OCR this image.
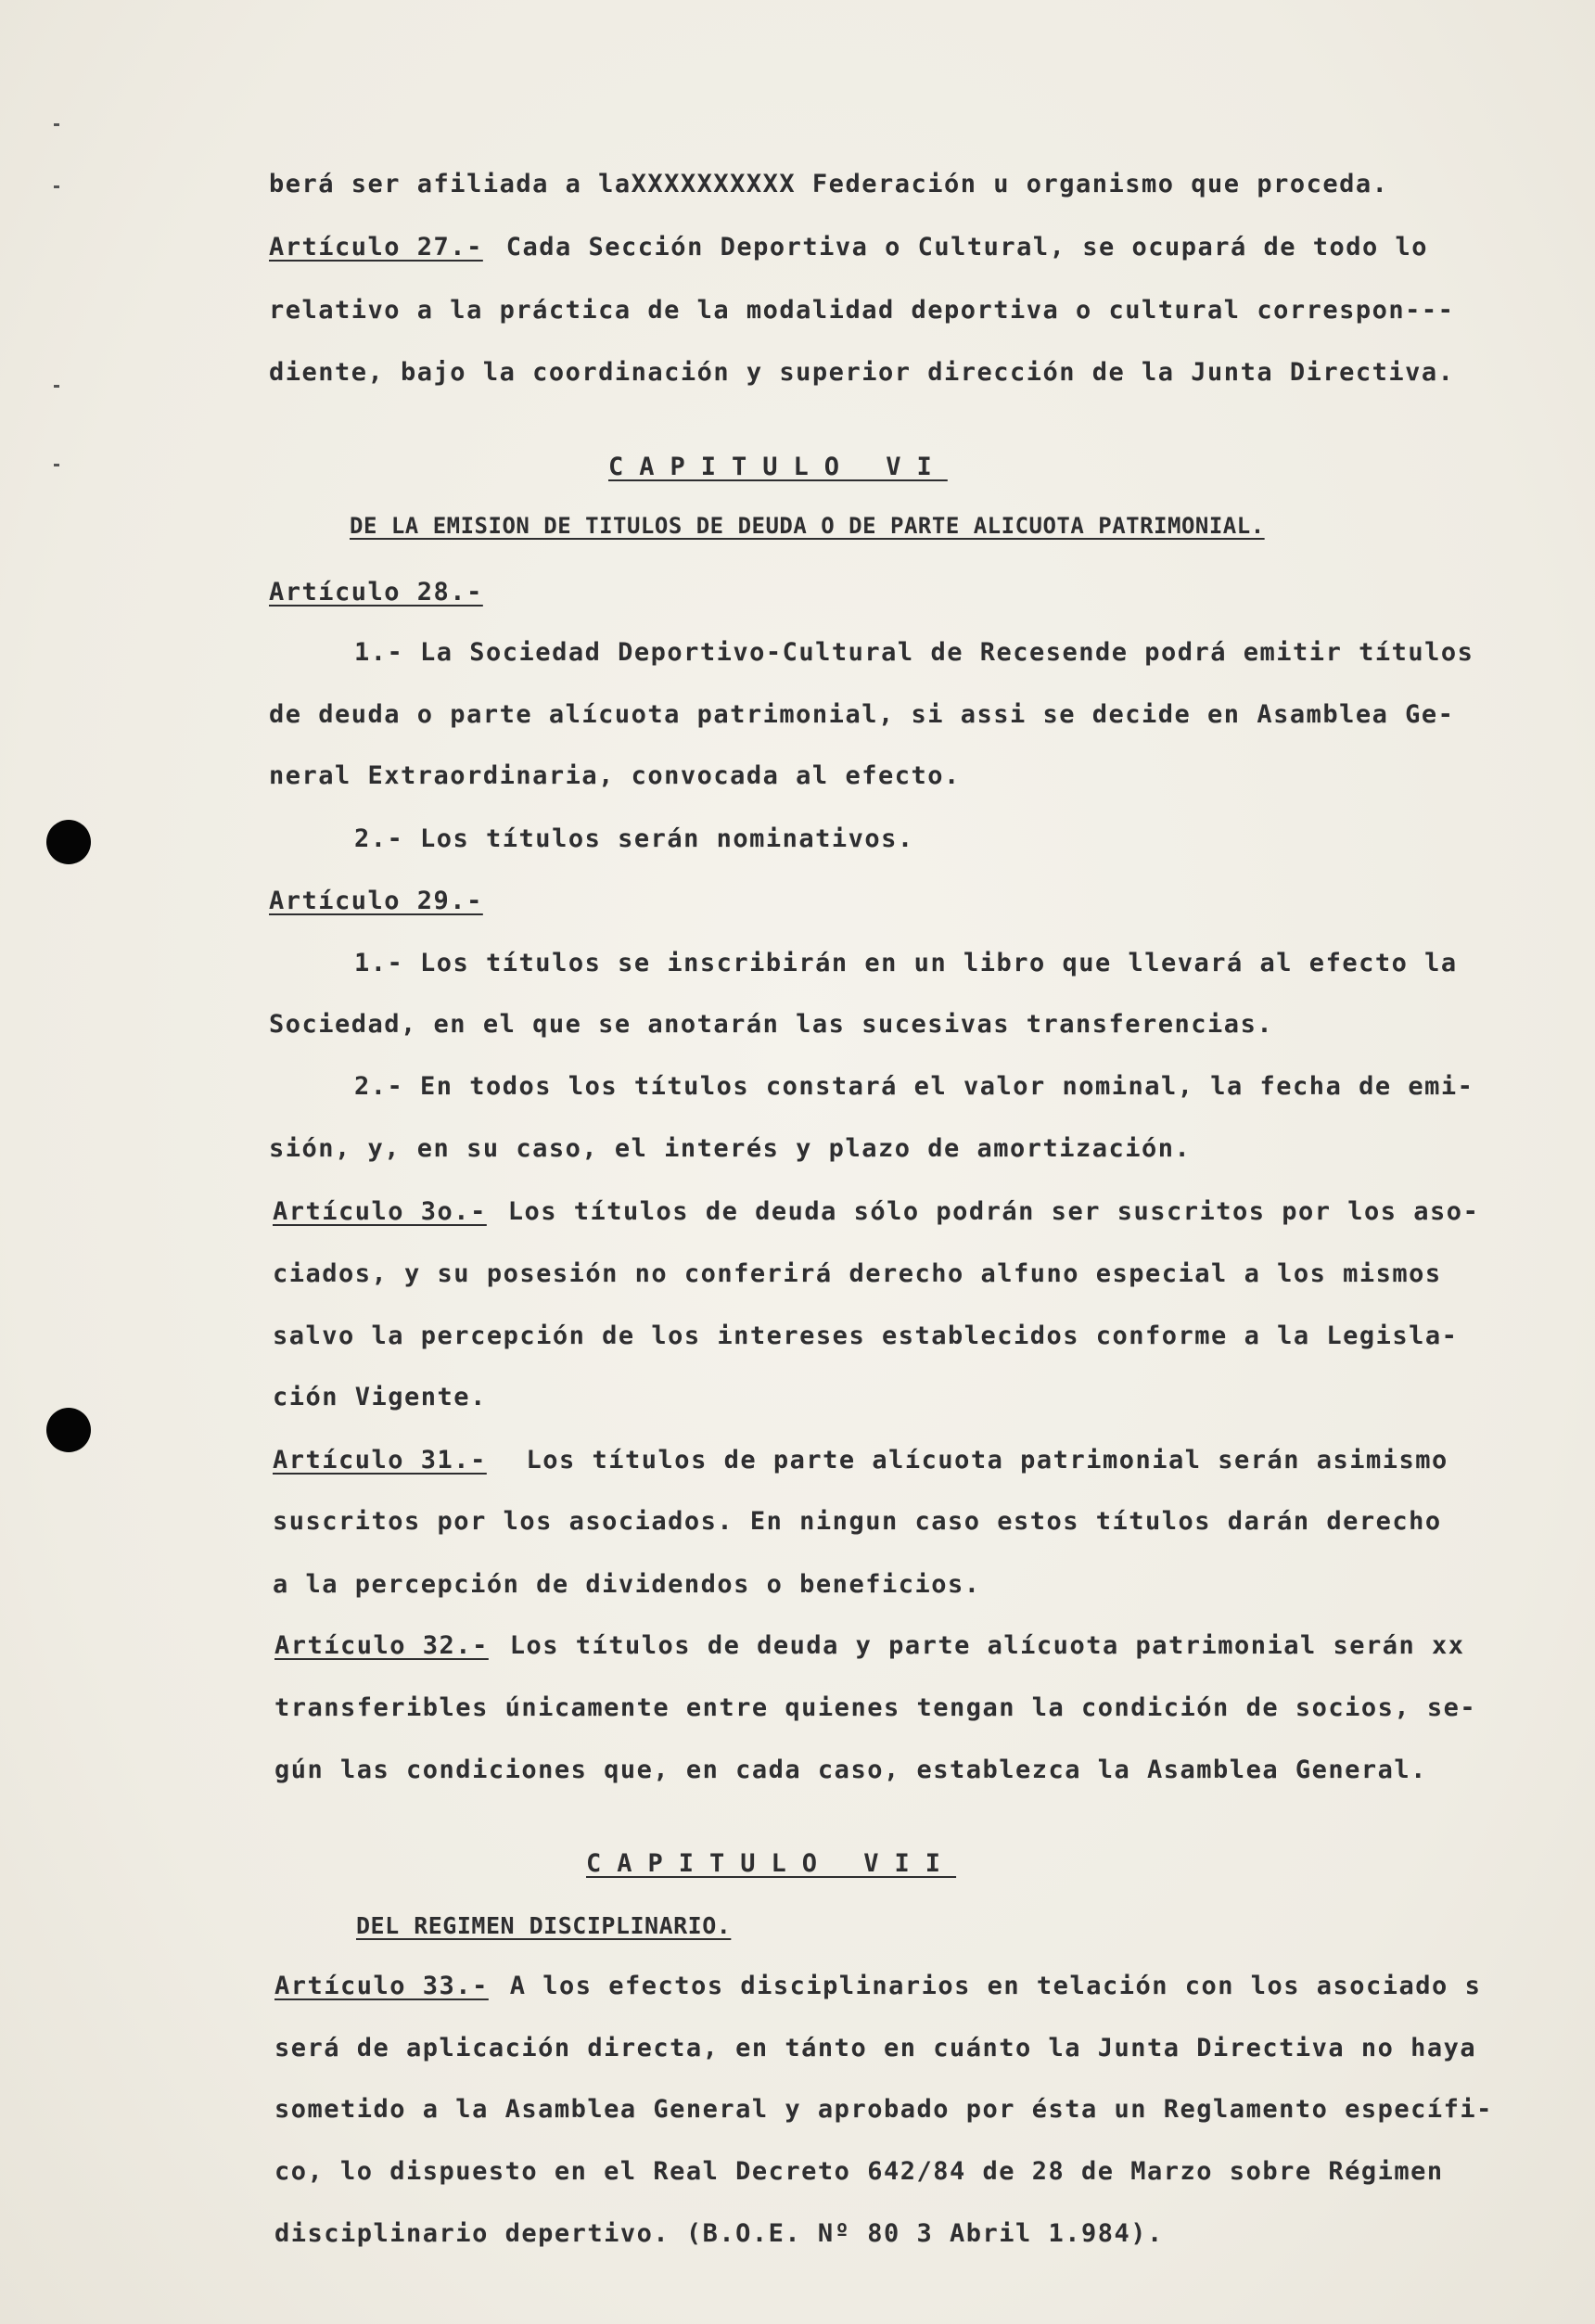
berá ser afiliada a laXXXXXXXXXX Federación u organismo que proceda.
Artículo 27.- Cada Sección Deportiva o Cultural, se ocupará de todo lo
relativo a la práctica de la modalidad deportiva o cultural correspon---
diente, bajo la coordinación y superior dirección de la Junta Directiva.
CAPITULO VI
DE LA EMISION DE TITULOS DE DEUDA O DE PARTE ALICUOTA PATRIMONIAL.
Artículo 28.-
1.- La Sociedad Deportivo-Cultural de Recesende podrá emitir títulos
de deuda o parte alícuota patrimonial, si assi se decide en Asamblea Ge-
neral Extraordinaria, convocada al efecto.
2.- Los títulos serán nominativos.
Artículo 29.-
1.- Los títulos se inscribirán en un libro que llevará al efecto la
Sociedad, en el que se anotarán las sucesivas transferencias.
2.- En todos los títulos constará el valor nominal, la fecha de emi-
sión, y, en su caso, el interés y plazo de amortización.
Artículo 3o.- Los títulos de deuda sólo podrán ser suscritos por los aso-
ciados, y su posesión no conferirá derecho alfuno especial a los mismos
salvo la percepción de los intereses establecidos conforme a la Legisla-
ción Vigente.
Artículo 31.- Los títulos de parte alícuota patrimonial serán asimismo
suscritos por los asociados. En ningun caso estos títulos darán derecho
a la percepción de dividendos o beneficios.
Artículo 32.- Los títulos de deuda y parte alícuota patrimonial serán xx
transferibles únicamente entre quienes tengan la condición de socios, se-
gún las condiciones que, en cada caso, establezca la Asamblea General.
CAPITULO VII
DEL REGIMEN DISCIPLINARIO.
Artículo 33.- A los efectos disciplinarios en telación con los asociado s
será de aplicación directa, en tánto en cuánto la Junta Directiva no haya
sometido a la Asamblea General y aprobado por ésta un Reglamento específi-
co, lo dispuesto en el Real Decreto 642/84 de 28 de Marzo sobre Régimen
disciplinario depertivo. (B.O.E. Nº 80 3 Abril 1.984).
